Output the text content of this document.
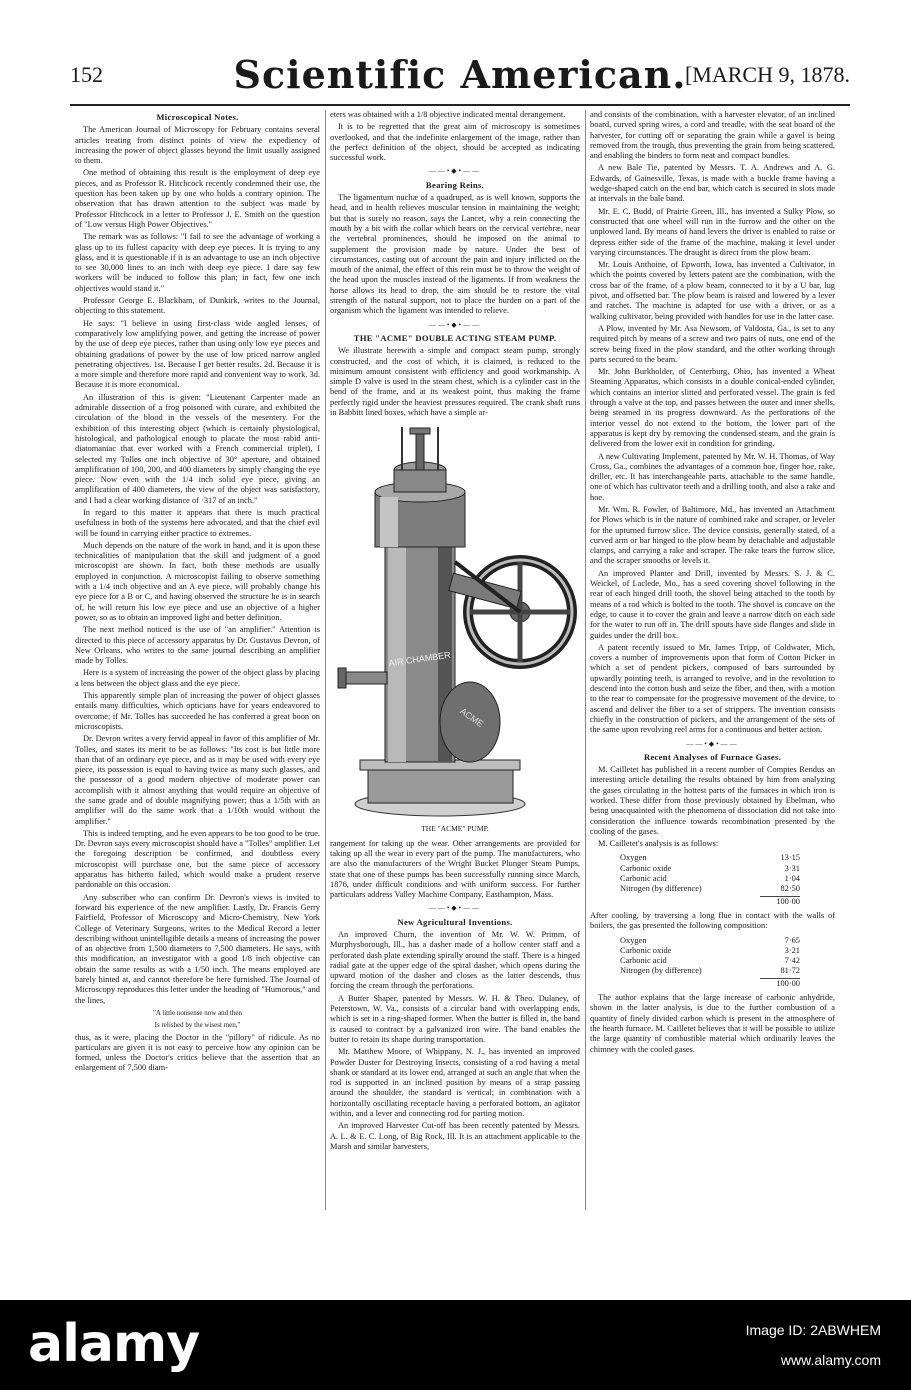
152	Scientific American.
[MARCH 9, 1878.
Microscopical Notes.

The American Journal of Microscopy for February contains several articles treating from distinct points of view the expediency of increasing the power of object glasses beyond the limit usually assigned to them.

One method of obtaining this result is the employment of deep eye pieces, and as Professor R. Hitchcock recently condemned their use, the question has been taken up by one who holds a contrary opinion. The observation that has drawn attention to the subject was made by Professor Hitchcock in a letter to Professor J. E. Smith on the question of "Low versus High Power Objectives."

The remark was as follows: "I fail to see the advantage of working a glass up to its fullest capacity with deep eye pieces. It is trying to any glass, and it is questionable if it is an advantage to use an inch objective to see 30,000 lines to an inch with deep eye piece. I dare say few workers will be induced to follow this plan; in fact, few one inch objectives would stand it."

Professor George E. Blackham, of Dunkirk, writes to the Journal, objecting to this statement.

He says: "I believe in using first-class wide angled lenses, of comparatively low amplifying power, and getting the increase of power by the use of deep eye pieces, rather than using only low eye pieces and obtaining gradations of power by the use of low priced narrow angled penetrating objectives. 1st. Because I get better results. 2d. Because it is a more simple and therefore more rapid and convenient way to work. 3d. Because it is more economical.

An illustration of this is given: "Lieutenant Carpenter made an admirable dissection of a frog poisoned with curare, and exhibited the circulation of the blood in the vessels of the mesentery. For the exhibition of this interesting object (which is certainly physiological, histological, and pathological enough to placate the most rabid anti-diatomaniac that ever worked with a French commercial triplet), I selected my Tolles one inch objective of 30° aperture, and obtained amplification of 100, 200, and 400 diameters by simply changing the eye piece. Now even with the 1/4 inch solid eye piece, giving an amplification of 400 diameters, the view of the object was satisfactory, and I had a clear working distance of ·317 of an inch."

In regard to this matter it appears that there is much practical usefulness in both of the systems here advocated, and that the chief evil will be found in carrying either practice to extremes.

Much depends on the nature of the work in hand, and it is upon these technicalities of manipulation that the skill and judgment of a good microscopist are shown. In fact, both these methods are usually employed in conjunction. A microscopist failing to observe something with a 1/4 inch objective and an A eye piece, will probably change his eye piece for a B or C, and having observed the structure he is in search of, he will return his low eye piece and use an objective of a higher power, so as to obtain an improved light and better definition.

The next method noticed is the use of "an amplifier." Attention is directed to this piece of accessory apparatus by Dr. Gustavus Devron, of New Orleans, who writes to the same journal describing an amplifier made by Tolles.

Here is a system of increasing the power of the object glass by placing a lens between the object glass and the eye piece.

This apparently simple plan of increasing the power of object glasses entails many difficulties, which opticians have for years endeavored to overcome; if Mr. Tolles has succeeded he has conferred a great boon on microscopists.

Dr. Devron writes a very fervid appeal in favor of this amplifier of Mr. Tolles, and states its merit to be as follows: "Its cost is but little more than that of an ordinary eye piece, and as it may be used with every eye piece, its possession is equal to having twice as many such glasses, and the possessor of a good modern objective of moderate power can accomplish with it almost anything that would require an objective of the same grade and of double magnifying power; thus a 1/5th with an amplifier will do the same work that a 1/10th would without the amplifier."

This is indeed tempting, and he even appears to be too good to be true. Dr. Devron says every microscopist should have a "Tolles" amplifier. Let the foregoing description be confirmed, and doubtless every microscopist will purchase one, but the same piece of accessory apparatus has hitherto failed, which would make a prudent reserve pardonable on this occasion.

Any subscriber who can confirm Dr. Devron's views is invited to forward his experience of the new amplifier. Lastly, Dr. Francis Gerry Fairfield, Professor of Microscopy and Micro-Chemistry, New York College of Veterinary Surgeons, writes to the Medical Record a letter describing without unintelligible details a means of increasing the power of an objective from 1,500 diameters to 7,500 diameters. He says, with this modification, an investigator with a good 1/8 inch objective can obtain the same results as with a 1/50 inch. The means employed are barely hinted at, and cannot therefore be here furnished. The Journal of Microscopy reproduces this letter under the heading of "Humorous," and the lines,

"A little nonsense now and then
Is relished by the wisest men,"

thus, as it were, placing the Doctor in the "pillory" of ridicule. As no particulars are given it is not easy to perceive how any opinion can be formed, unless the Doctor's critics believe that the assertion that an enlargement of 7,500 diam-

eters was obtained with a 1/8 objective indicated mental derangement.

It is to be regretted that the great aim of microscopy is sometimes overlooked, and that the indefinite enlargement of the image, rather than the perfect definition of the object, should be accepted as indicating successful work.

——•◆•——
Bearing Reins.

The ligamentum nuchæ of a quadruped, as is well known, supports the head, and in health relieves muscular tension in maintaining the weight; but that is surely no reason, says the Lancet, why a rein connecting the mouth by a bit with the collar which bears on the cervical vertebræ, near the vertebral prominences, should be imposed on the animal to supplement the provision made by nature. Under the best of circumstances, casting out of account the pain and injury inflicted on the mouth of the animal, the effect of this rein must be to throw the weight of the head upon the muscles instead of the ligaments. If from weakness the horse allows its head to drop, the aim should be to restore the vital strength of the natural support, not to place the burden on a part of the organism which the ligament was intended to relieve.

——•◆•——
THE "ACME" DOUBLE ACTING STEAM PUMP.

We illustrate herewith a simple and compact steam pump, strongly constructed, and the cost of which, it is claimed, is reduced to the minimum amount consistent with efficiency and good workmanship. A simple D valve is used in the steam chest, which is a cylinder cast in the bend of the frame, and at its weakest point, thus making the frame perfectly rigid under the heaviest pressures required. The crank shaft runs in Babbitt lined boxes, which have a simple ar-

AIR CHAMBER
ACME
THE "ACME" PUMP.

rangement for taking up the wear. Other arrangements are provided for taking up all the wear in every part of the pump. The manufacturers, who are also the manufacturers of the Wright Bucket Plunger Steam Pumps, state that one of these pumps has been successfully running since March, 1876, under difficult conditions and with uniform success. For further particulars address Valley Machine Company, Easthampton, Mass.

——•◆•——
New Agricultural Inventions.

An improved Churn, the invention of Mr. W. W. Primm, of Murphysborough, Ill., has a dasher made of a hollow center staff and a perforated dash plate extending spirally around the staff. There is a hinged radial gate at the upper edge of the spiral dasher, which opens during the upward motion of the dasher and closes as the latter descends, thus forcing the cream through the perforations.

A Butter Shaper, patented by Messrs. W. H. & Theo. Dulaney, of Peterstown, W. Va., consists of a circular band with overlapping ends, which is set in a ring-shaped former. When the butter is filled in, the band is caused to contract by a galvanized iron wire. The band enables the butter to retain its shape during transportation.

Mr. Matthew Moore, of Whippany, N. J., has invented an improved Powder Duster for Destroying Insects, consisting of a rod having a metal shank or standard at its lower end, arranged at such an angle that when the rod is supported in an inclined position by means of a strap passing around the shoulder, the standard is vertical; in combination with a horizontally oscillating receptacle having a perforated bottom, an agitator within, and a lever and connecting rod for parting motion.

An improved Harvester Cut-off has been recently patented by Messrs. A. L. & E. C. Long, of Big Rock, Ill. It is an attachment applicable to the Marsh and similar harvesters,

and consists of the combination, with a harvester elevator, of an inclined board, curved spring wires, a cord and treadle, with the seat board of the harvester, for cutting off or separating the grain while a gavel is being removed from the trough, thus preventing the grain from being scattered, and enabling the binders to form neat and compact bundles.

A new Bale Tie, patented by Messrs. T. A. Andrews and A. G. Edwards, of Gainesville, Texas, is made with a buckle frame having a wedge-shaped catch on the end bar, which catch is secured in slots made at intervals in the bale band.

Mr. E. C. Budd, of Prairie Green, Ill., has invented a Sulky Plow, so constructed that one wheel will run in the furrow and the other on the unplowed land. By means of hand levers the driver is enabled to raise or depress either side of the frame of the machine, making it level under varying circumstances. The draught is direct from the plow beam.

Mr. Louis Anthoine, of Epworth, Iowa, has invented a Cultivator, in which the points covered by letters patent are the combination, with the cross bar of the frame, of a plow beam, connected to it by a U bar, lug pivot, and offsetted bar. The plow beam is raised and lowered by a lever and ratchet. The machine is adapted for use with a driver, or as a walking cultivator, being provided with handles for use in the latter case.

A Plow, invented by Mr. Asa Newsom, of Valdosta, Ga., is set to any required pitch by means of a screw and two pairs of nuts, one end of the screw being fixed in the plow standard, and the other working through parts secured to the beam.

Mr. John Burkholder, of Centerburg, Ohio, has invented a Wheat Steaming Apparatus, which consists in a double conical-ended cylinder, which contains an interior slitted and perforated vessel. The grain is fed through a valve at the top, and passes between the outer and inner shells, being steamed in its progress downward. As the perforations of the interior vessel do not extend to the bottom, the lower part of the apparatus is kept dry by removing the condensed steam, and the grain is delivered from the lower exit in condition for grinding.

A new Cultivating Implement, patented by Mr. W. H. Thomas, of Way Cross, Ga., combines the advantages of a common hoe, finger hoe, rake, driller, etc. It has interchangeable parts, attachable to the same handle, one of which has cultivator teeth and a drilling tooth, and also a rake and hoe.

Mr. Wm. R. Fowler, of Baltimore, Md., has invented an Attachment for Plows which is in the nature of combined rake and scraper, or leveler for the upturned furrow slice. The device consists, generally stated, of a curved arm or bar hinged to the plow beam by detachable and adjustable clamps, and carrying a rake and scraper. The rake tears the furrow slice, and the scraper smooths or levels it.

An improved Planter and Drill, invented by Messrs. S. J. & C. Weickel, of Laclede, Mo., has a seed covering shovel following in the rear of each hinged drill tooth, the shovel being attached to the tooth by means of a rod which is bolted to the tooth. The shovel is concave on the edge, to cause it to cover the grain and leave a narrow ditch on each side for the water to run off in. The drill spouts have side flanges and slide in guides under the drill box.

A patent recently issued to Mr. James Tripp, of Coldwater, Mich, covers a number of improvements upon that form of Cotton Picker in which a set of pendent pickers, composed of bars surrounded by upwardly pointing teeth, is arranged to revolve, and in the revolution to descend into the cotton bush and seize the fiber, and then, with a motion to the rear to compensate for the progressive movement of the device, to ascend and deliver the fiber to a set of strippers. The invention consists chiefly in the construction of pickers, and the arrangement of the sets of the same upon revolving reel arms for a continuous and better action.

——•◆•——
Recent Analyses of Furnace Gases.

M. Cailletet has published in a recent number of Comptes Rendus an interesting article detailing the results obtained by him from analyzing the gases circulating in the hottest parts of the furnaces in which iron is worked. These differ from those previously obtained by Ebelman, who being unacquainted with the phenomena of dissociation did not take into consideration the influence towards recombination presented by the cooling of the gases.

M. Cailletet's analysis is as follows:

Oxygen	13·15
Carbonic oxide	3·31
Carbonic acid	1·04
Nitrogen (by difference)	82·50
100·00

After cooling, by traversing a long flue in contact with the walls of boilers, the gas presented the following composition:

Oxygen	7·65
Carbonic oxide	3·21
Carbonic acid	7·42
Nitrogen (by difference)	81·72
100·00

The author explains that the large increase of carbonic anhydride, shown in the latter analysis, is due to the further combustion of a quantity of finely divided carbon which is present in the atmosphere of the hearth furnace. M. Cailletet believes that it will be possible to utilize the large quantity of combustible material which ordinarily leaves the chimney with the cooled gases.

alamy	Image ID: 2ABWHEM
www.alamy.com
